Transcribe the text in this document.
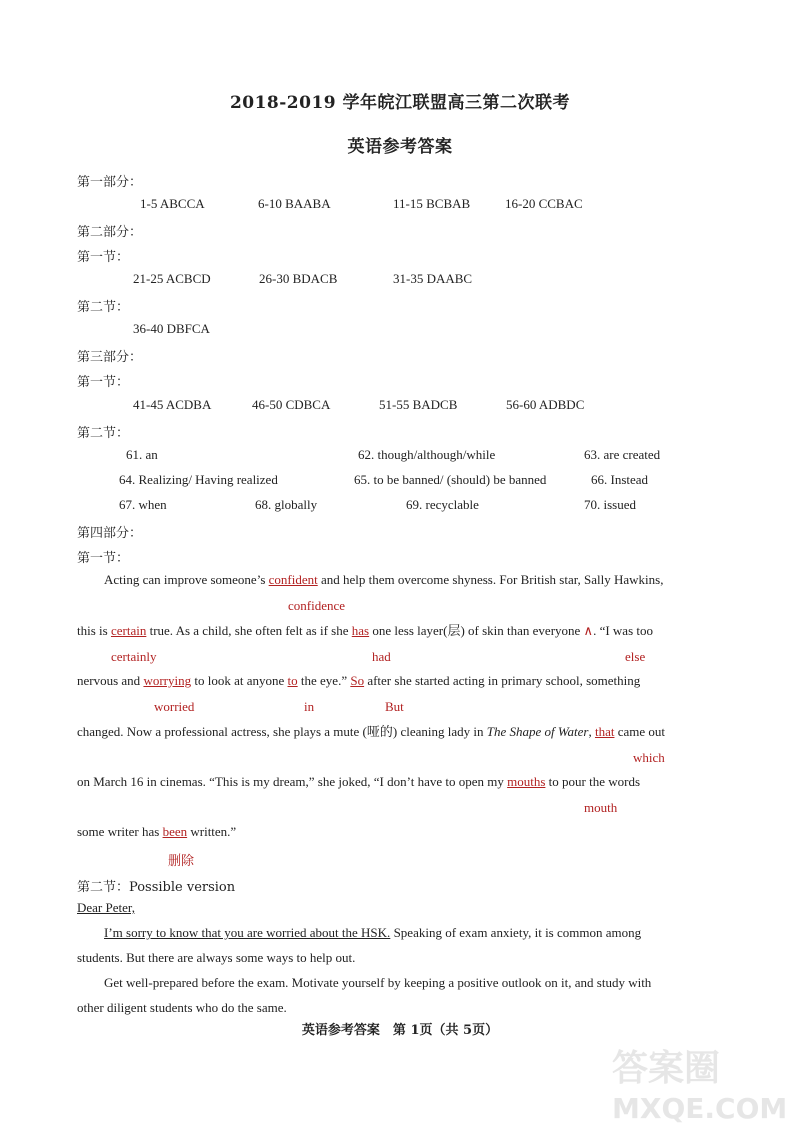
2018-2019 学年皖江联盟高三第二次联考
英语参考答案
第一部分：
1-5 ABCCA	6-10 BAABA	11-15 BCBAB	16-20 CCBAC
第二部分：
第一节：
21-25 ACBCD	26-30 BDACB	31-35 DAABC
第二节：
36-40 DBFCA
第三部分：
第一节：
41-45 ACDBA	46-50 CDBCA	51-55 BADCB	56-60 ADBDC
第二节：
61. an	62. though/although/while	63. are created
64. Realizing/ Having realized	65. to be banned/ (should) be banned	66. Instead
67. when	68. globally	69. recyclable	70. issued
第四部分：
第一节：
Acting can improve someone’s confident and help them overcome shyness. For British star, Sally Hawkins,
confidence
this is certain true. As a child, she often felt as if she has one less layer(层) of skin than everyone ∧. “I was too
certainly	had	else
nervous and worrying to look at anyone to the eye.” So after she started acting in primary school, something
worried	in	But
changed. Now a professional actress, she plays a mute (哑的) cleaning lady in The Shape of Water, that came out
which
on March 16 in cinemas. “This is my dream,” she joked, “I don’t have to open my mouths to pour the words
mouth
some writer has been written.”
删除
第二节：Possible version
Dear Peter,
I’m sorry to know that you are worried about the HSK. Speaking of exam anxiety, it is common among
students. But there are always some ways to help out.
Get well-prepared before the exam. Motivate yourself by keeping a positive outlook on it, and study with
other diligent students who do the same.
英语参考答案　第 1页（共 5页）
答案圈
MXQE.COM
